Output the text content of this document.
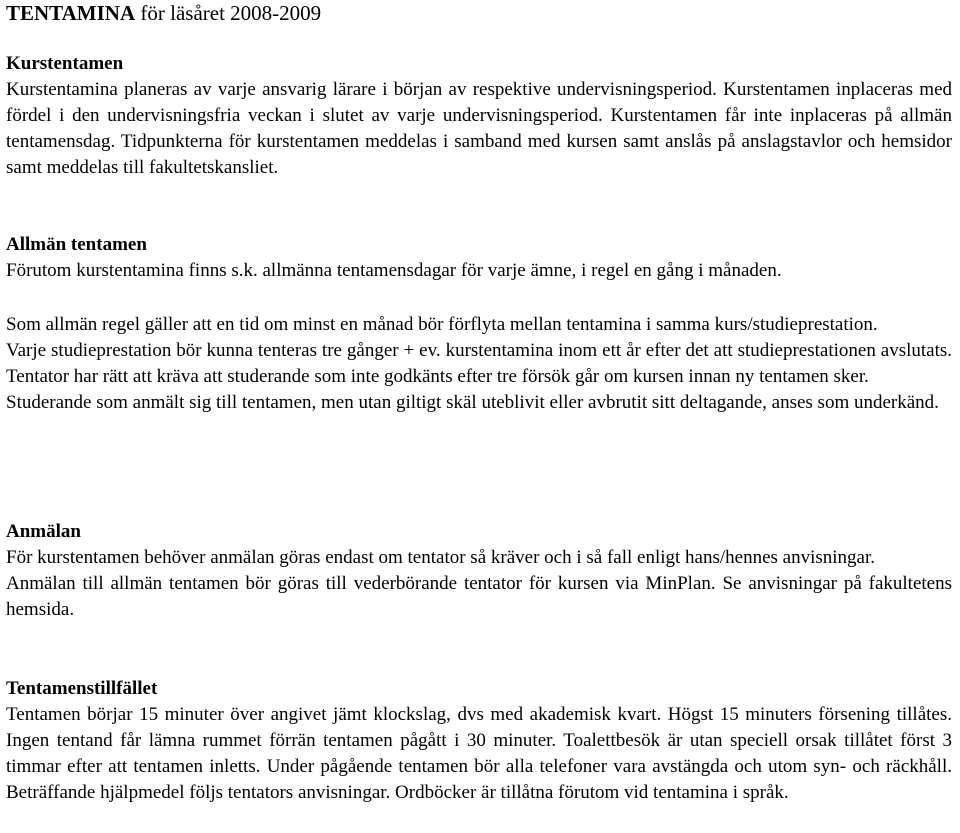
TENTAMINA för läsåret 2008-2009
Kurstentamen

Kurstentamina planeras av varje ansvarig lärare i början av respektive undervisningsperiod. Kurstentamen inplaceras med fördel i den undervisningsfria veckan i slutet av varje undervisningsperiod. Kurstentamen får inte inplaceras på allmän tentamensdag. Tidpunkterna för kurstentamen meddelas i samband med kursen samt anslås på anslagstavlor och hemsidor samt meddelas till fakultetskansliet.

Allmän tentamen

Förutom kurstentamina finns s.k. allmänna tentamensdagar för varje ämne, i regel en gång i månaden.

Som allmän regel gäller att en tid om minst en månad bör förflyta mellan tentamina i samma kurs/studieprestation.

Varje studieprestation bör kunna tenteras tre gånger + ev. kurstentamina inom ett år efter det att studieprestationen avslutats. Tentator har rätt att kräva att studerande som inte godkänts efter tre försök går om kursen innan ny tentamen sker.

Studerande som anmält sig till tentamen, men utan giltigt skäl uteblivit eller avbrutit sitt deltagande, anses som underkänd.

Anmälan

För kurstentamen behöver anmälan göras endast om tentator så kräver och i så fall enligt hans/hennes anvisningar.

Anmälan till allmän tentamen bör göras till vederbörande tentator för kursen via MinPlan. Se anvisningar på fakultetens hemsida.

Tentamenstillfället

Tentamen börjar 15 minuter över angivet jämt klockslag, dvs med akademisk kvart. Högst 15 minuters försening tillåtes. Ingen tentand får lämna rummet förrän tentamen pågått i 30 minuter. Toalettbesök är utan speciell orsak tillåtet först 3 timmar efter att tentamen inletts. Under pågående tentamen bör alla telefoner vara avstängda och utom syn- och räckhåll. Beträffande hjälpmedel följs tentators anvisningar. Ordböcker är tillåtna förutom vid tentamina i språk.
